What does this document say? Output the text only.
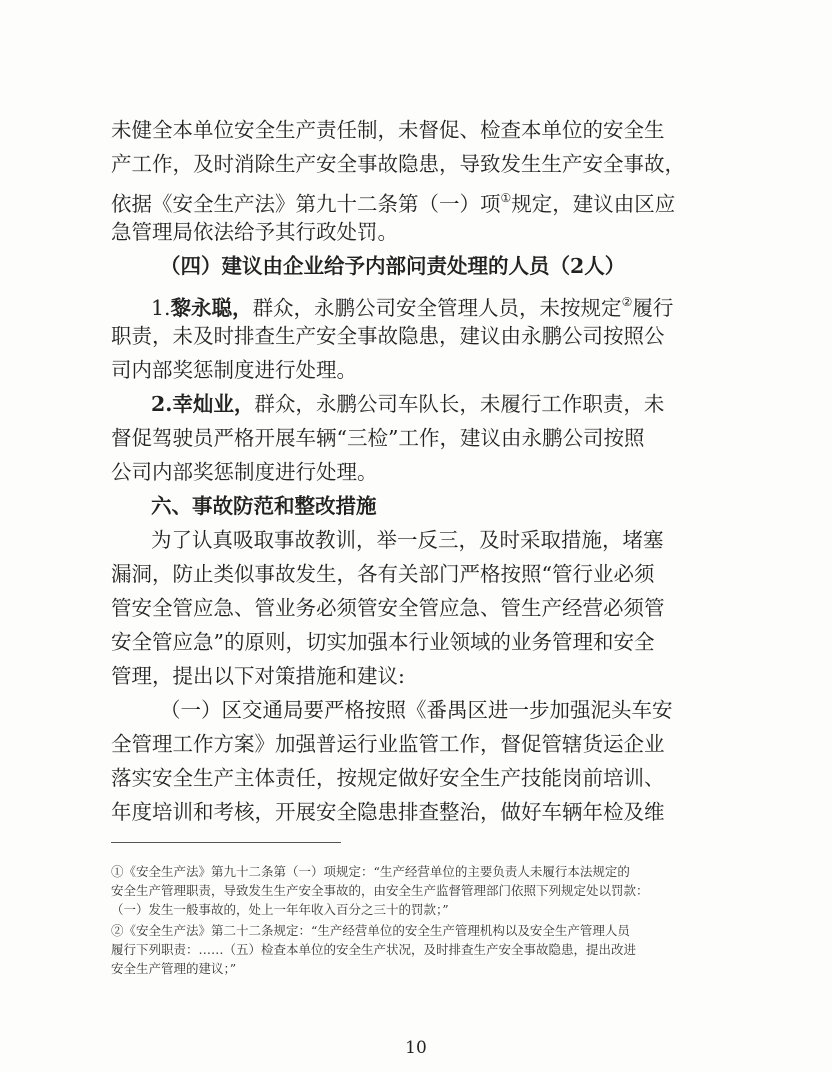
未健全本单位安全生产责任制，未督促、检查本单位的安全生
产工作，及时消除生产安全事故隐患，导致发生生产安全事故，
依据《安全生产法》第九十二条第（一）项①规定，建议由区应
急管理局依法给予其行政处罚。
（四）建议由企业给予内部问责处理的人员（2人）
1.黎永聪，群众，永鹏公司安全管理人员，未按规定②履行
职责，未及时排查生产安全事故隐患，建议由永鹏公司按照公
司内部奖惩制度进行处理。
2.幸灿业，群众，永鹏公司车队长，未履行工作职责，未
督促驾驶员严格开展车辆“三检”工作，建议由永鹏公司按照
公司内部奖惩制度进行处理。
六、事故防范和整改措施
为了认真吸取事故教训，举一反三，及时采取措施，堵塞
漏洞，防止类似事故发生，各有关部门严格按照“管行业必须
管安全管应急、管业务必须管安全管应急、管生产经营必须管
安全管应急”的原则，切实加强本行业领域的业务管理和安全
管理，提出以下对策措施和建议:
（一）区交通局要严格按照《番禺区进一步加强泥头车安
全管理工作方案》加强普运行业监管工作，督促管辖货运企业
落实安全生产主体责任，按规定做好安全生产技能岗前培训、
年度培训和考核，开展安全隐患排查整治，做好车辆年检及维
①《安全生产法》第九十二条第（一）项规定：“生产经营单位的主要负责人未履行本法规定的
安全生产管理职责，导致发生生产安全事故的，由安全生产监督管理部门依照下列规定处以罚款：
（一）发生一般事故的，处上一年年收入百分之三十的罚款；”
②《安全生产法》第二十二条规定：“生产经营单位的安全生产管理机构以及安全生产管理人员
履行下列职责：……（五）检查本单位的安全生产状况，及时排查生产安全事故隐患，提出改进
安全生产管理的建议；”
10
